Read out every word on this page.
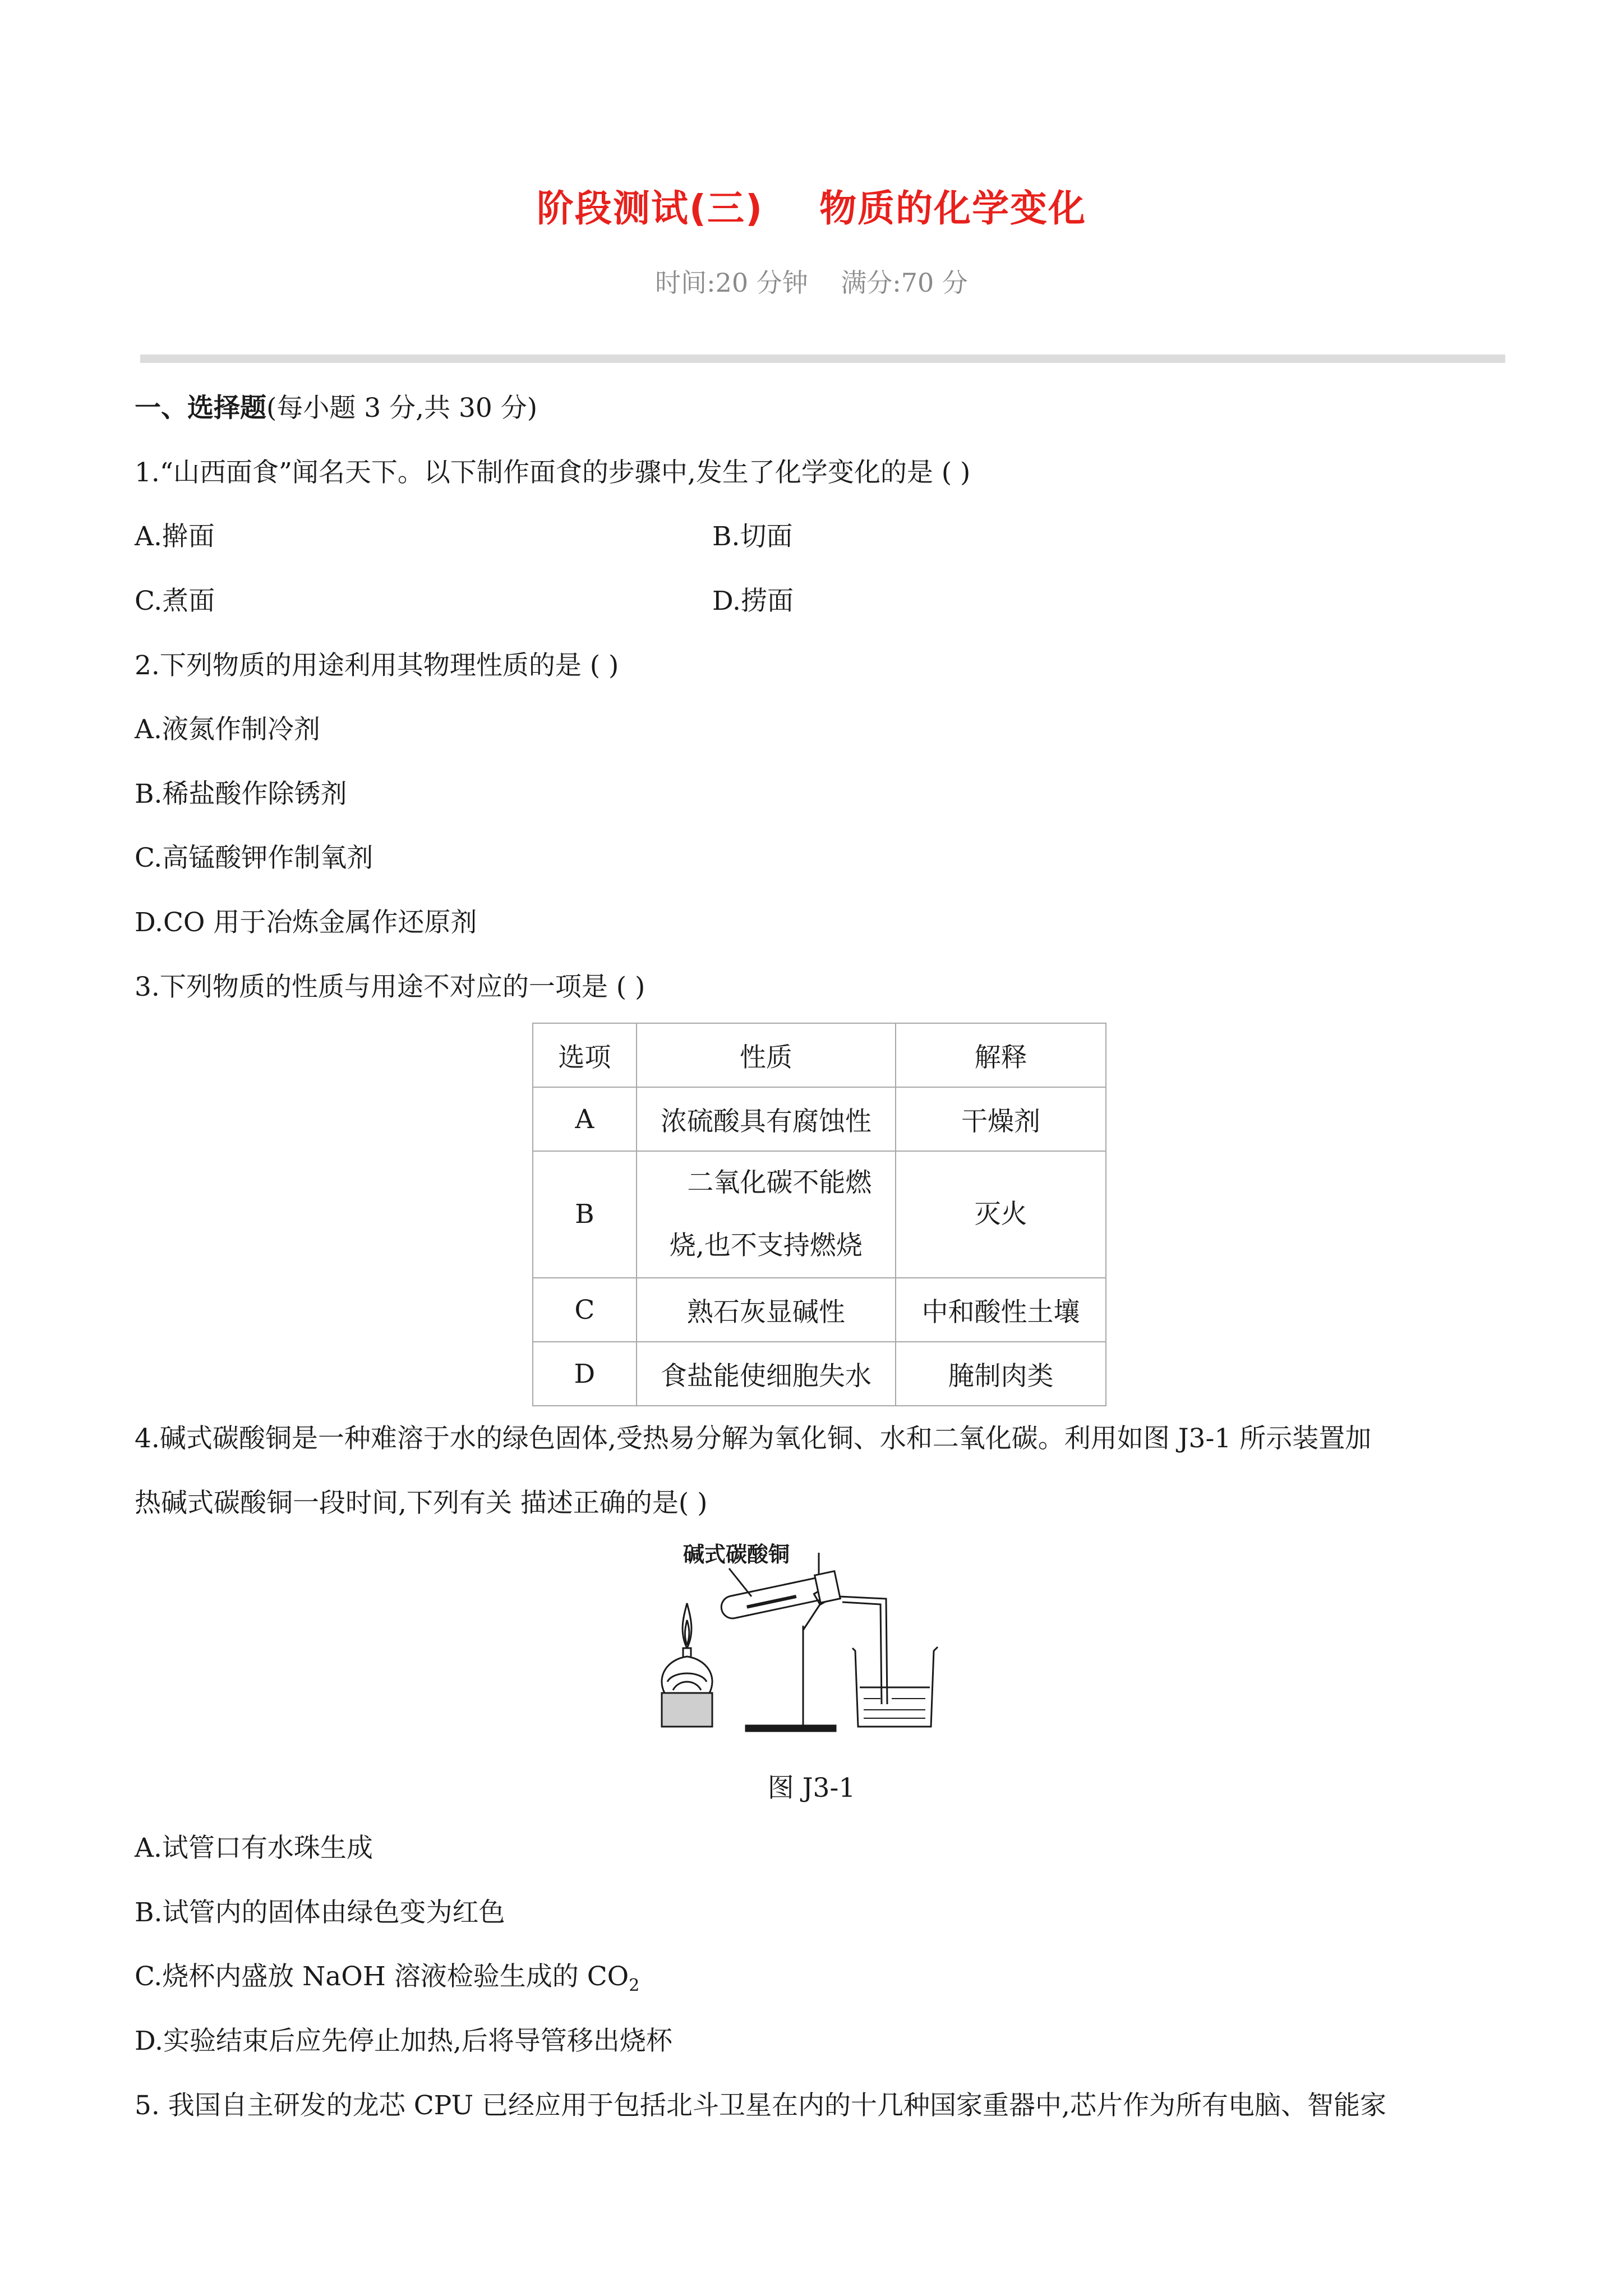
阶段测试(三)    物质的化学变化
时间:20 分钟    满分:70 分
一、选择题(每小题 3 分,共 30 分)
1.“山西面食”闻名天下。以下制作面食的步骤中,发生了化学变化的是 ( )
A.擀面	B.切面
C.煮面	D.捞面
2.下列物质的用途利用其物理性质的是 ( )
A.液氮作制冷剂
B.稀盐酸作除锈剂
C.高锰酸钾作制氧剂
D.CO 用于冶炼金属作还原剂
3.下列物质的性质与用途不对应的一项是 ( )
选项	性质	解释
A	浓硫酸具有腐蚀性	干燥剂
B	二氧化碳不能燃
烧,也不支持燃烧	灭火
C	熟石灰显碱性	中和酸性土壤
D	食盐能使细胞失水	腌制肉类
4.碱式碳酸铜是一种难溶于水的绿色固体,受热易分解为氧化铜、水和二氧化碳。利用如图 J3-1 所示装置加
热碱式碳酸铜一段时间,下列有关 描述正确的是( )
碱式碳酸铜
图 J3-1
A.试管口有水珠生成
B.试管内的固体由绿色变为红色
C.烧杯内盛放 NaOH 溶液检验生成的 $CO_2$
D.实验结束后应先停止加热,后将导管移出烧杯
5. 我国自主研发的龙芯 CPU 已经应用于包括北斗卫星在内的十几种国家重器中,芯片作为所有电脑、智能家
